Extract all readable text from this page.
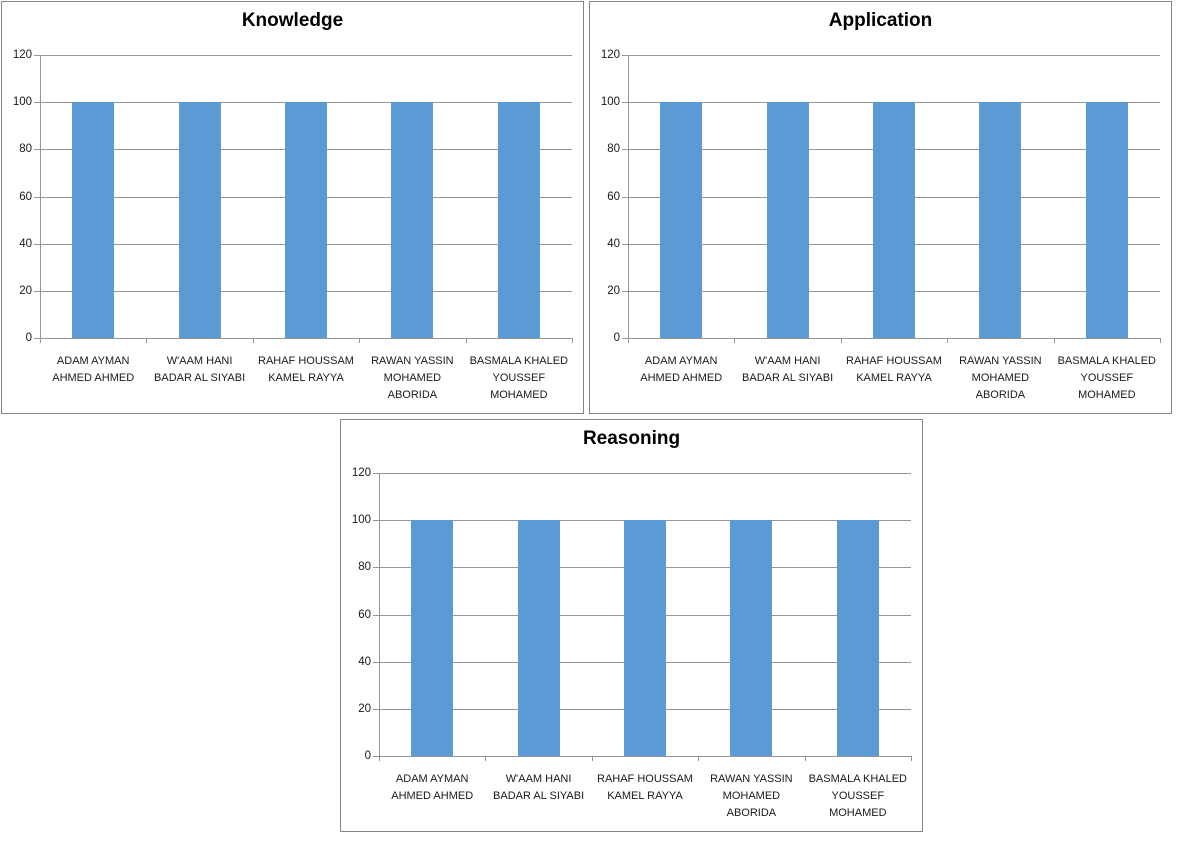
Knowledge
0
20
40
60
80
100
120
ADAM AYMAN
AHMED AHMED
W'AAM HANI
BADAR AL SIYABI
RAHAF HOUSSAM
KAMEL RAYYA
RAWAN YASSIN
MOHAMED
ABORIDA
BASMALA KHALED
YOUSSEF
MOHAMED
Application
0
20
40
60
80
100
120
ADAM AYMAN
AHMED AHMED
W'AAM HANI
BADAR AL SIYABI
RAHAF HOUSSAM
KAMEL RAYYA
RAWAN YASSIN
MOHAMED
ABORIDA
BASMALA KHALED
YOUSSEF
MOHAMED
Reasoning
0
20
40
60
80
100
120
ADAM AYMAN
AHMED AHMED
W'AAM HANI
BADAR AL SIYABI
RAHAF HOUSSAM
KAMEL RAYYA
RAWAN YASSIN
MOHAMED
ABORIDA
BASMALA KHALED
YOUSSEF
MOHAMED
